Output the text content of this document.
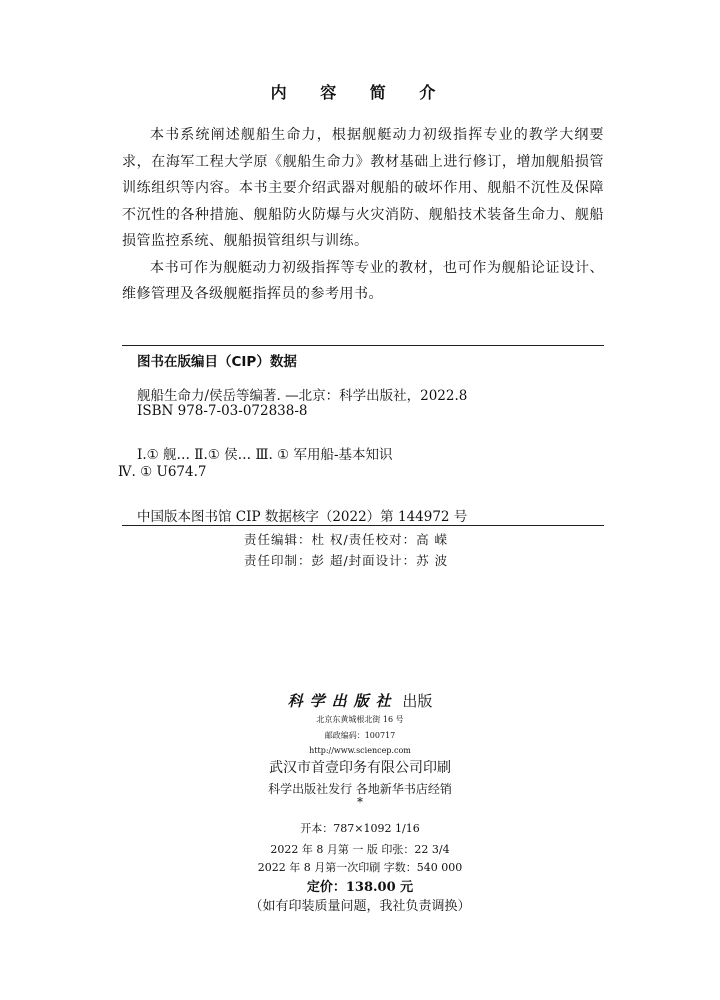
内 容 简 介

本书系统阐述舰船生命力，根据舰艇动力初级指挥专业的教学大纲要求，在海军工程大学原《舰船生命力》教材基础上进行修订，增加舰船损管训练组织等内容。本书主要介绍武器对舰船的破坏作用、舰船不沉性及保障不沉性的各种措施、舰船防火防爆与火灾消防、舰船技术装备生命力、舰船损管监控系统、舰船损管组织与训练。

本书可作为舰艇动力初级指挥等专业的教材，也可作为舰船论证设计、维修管理及各级舰艇指挥员的参考用书。

图书在版编目（CIP）数据
舰船生命力/侯岳等编著. —北京：科学出版社，2022.8
ISBN 978-7-03-072838-8
Ⅰ.① 舰… Ⅱ.① 侯… Ⅲ. ① 军用船-基本知识
Ⅳ. ① U674.7
中国版本图书馆 CIP 数据核字（2022）第 144972 号
责任编辑：杜 权/责任校对：高 嵘
责任印制：彭 超/封面设计：苏 波
科学出版社 出版
北京东黄城根北街 16 号
邮政编码：100717
http://www.sciencep.com
武汉市首壹印务有限公司印刷
科学出版社发行 各地新华书店经销
*
开本：787×1092 1/16
2022 年 8 月第 一 版 印张：22 3/4
2022 年 8 月第一次印刷 字数：540 000
定价：138.00 元
（如有印装质量问题，我社负责调换）
